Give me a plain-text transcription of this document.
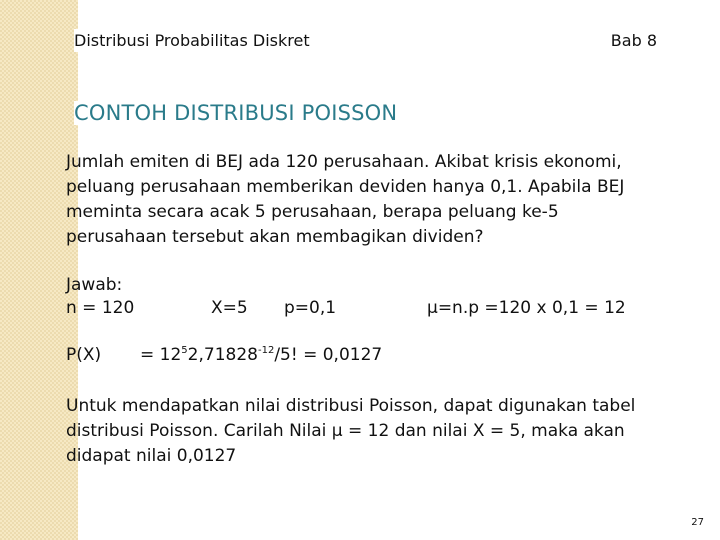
Distribusi Probabilitas Diskret	Bab 8
CONTOH DISTRIBUSI POISSON
Jumlah emiten di BEJ ada 120 perusahaan. Akibat krisis ekonomi,
peluang perusahaan memberikan deviden hanya 0,1. Apabila BEJ
meminta secara acak 5 perusahaan, berapa peluang ke-5
perusahaan tersebut akan membagikan dividen?
Jawab:
n = 120	X=5 p=0,1	μ=n.p =120 x 0,1 = 12
$P(X) = 12^52,71828^{-12}/5$! = 0,0127
Untuk mendapatkan nilai distribusi Poisson, dapat digunakan tabel
distribusi Poisson. Carilah Nilai μ = 12 dan nilai X = 5, maka akan
didapat nilai 0,0127
27
